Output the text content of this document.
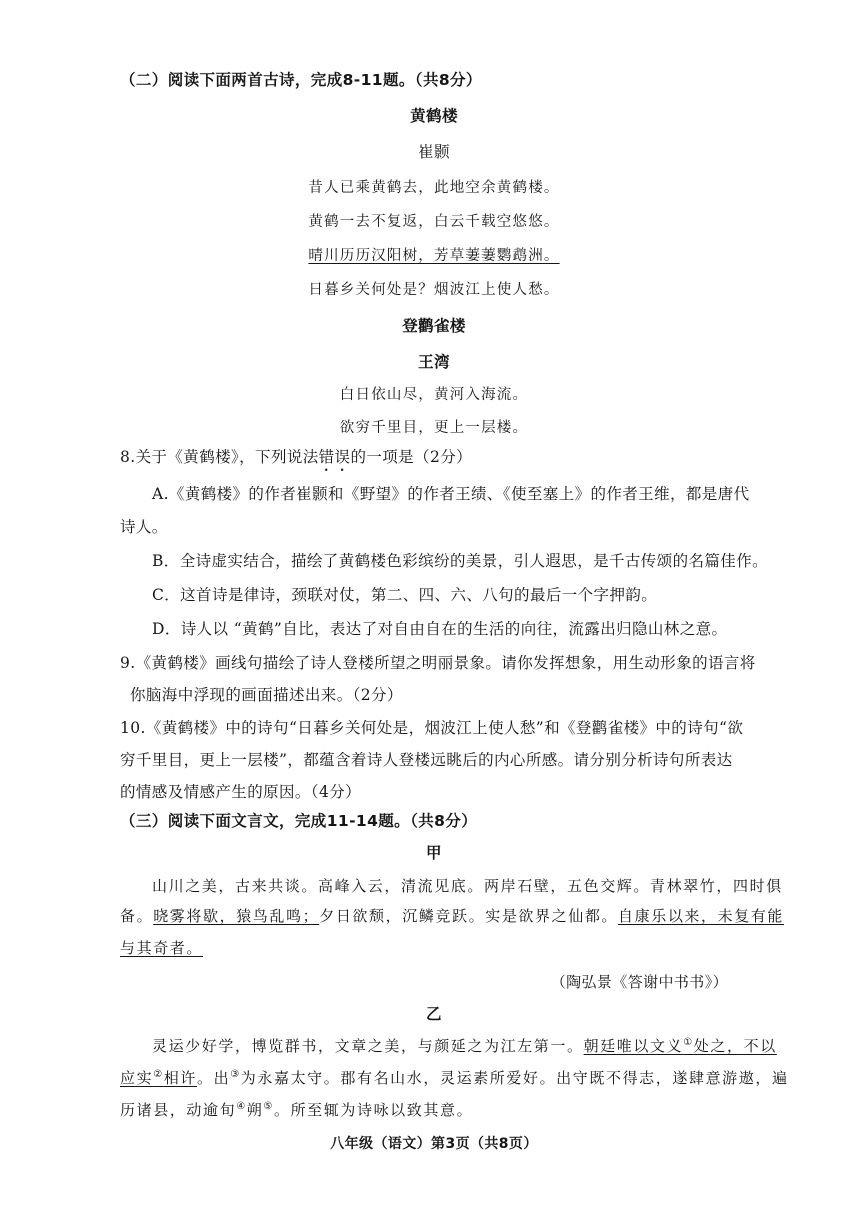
（二）阅读下面两首古诗，完成8-11题。（共8分）
黄鹤楼
崔颢
昔人已乘黄鹤去，此地空余黄鹤楼。
黄鹤一去不复返，白云千载空悠悠。
晴川历历汉阳树，芳草萋萋鹦鹉洲。
日暮乡关何处是？烟波江上使人愁。
登鹳雀楼
王湾
白日依山尽，黄河入海流。
欲穷千里目，更上一层楼。
8.关于《黄鹤楼》，下列说法错误的一项是（2分）
A.《黄鹤楼》的作者崔颢和《野望》的作者王绩、《使至塞上》的作者王维，都是唐代
诗人。
B．全诗虚实结合，描绘了黄鹤楼色彩缤纷的美景，引人遐思，是千古传颂的名篇佳作。
C．这首诗是律诗，颈联对仗，第二、四、六、八句的最后一个字押韵。
D．诗人以 “黄鹤”自比，表达了对自由自在的生活的向往，流露出归隐山林之意。
9.《黄鹤楼》画线句描绘了诗人登楼所望之明丽景象。请你发挥想象，用生动形象的语言将
你脑海中浮现的画面描述出来。（2分）
10.《黄鹤楼》中的诗句“日暮乡关何处是，烟波江上使人愁”和《登鹳雀楼》中的诗句“欲
穷千里目，更上一层楼”，都蕴含着诗人登楼远眺后的内心所感。请分别分析诗句所表达
的情感及情感产生的原因。（4分）
（三）阅读下面文言文，完成11-14题。（共8分）
甲
山川之美，古来共谈。高峰入云，清流见底。两岸石壁，五色交辉。青林翠竹，四时俱
备。晓雾将歇，猿鸟乱鸣；夕日欲颓，沉鳞竞跃。实是欲界之仙都。自康乐以来，未复有能
与其奇者。
（陶弘景《答谢中书书》）
乙
灵运少好学，博览群书，文章之美，与颜延之为江左第一。朝廷唯以文义①处之，不以
应实②相许。出③为永嘉太守。郡有名山水，灵运素所爱好。出守既不得志，遂肆意游遨，遍
历诸县，动逾旬④朔⑤。所至辄为诗咏以致其意。
八年级（语文）第3页（共8页）
